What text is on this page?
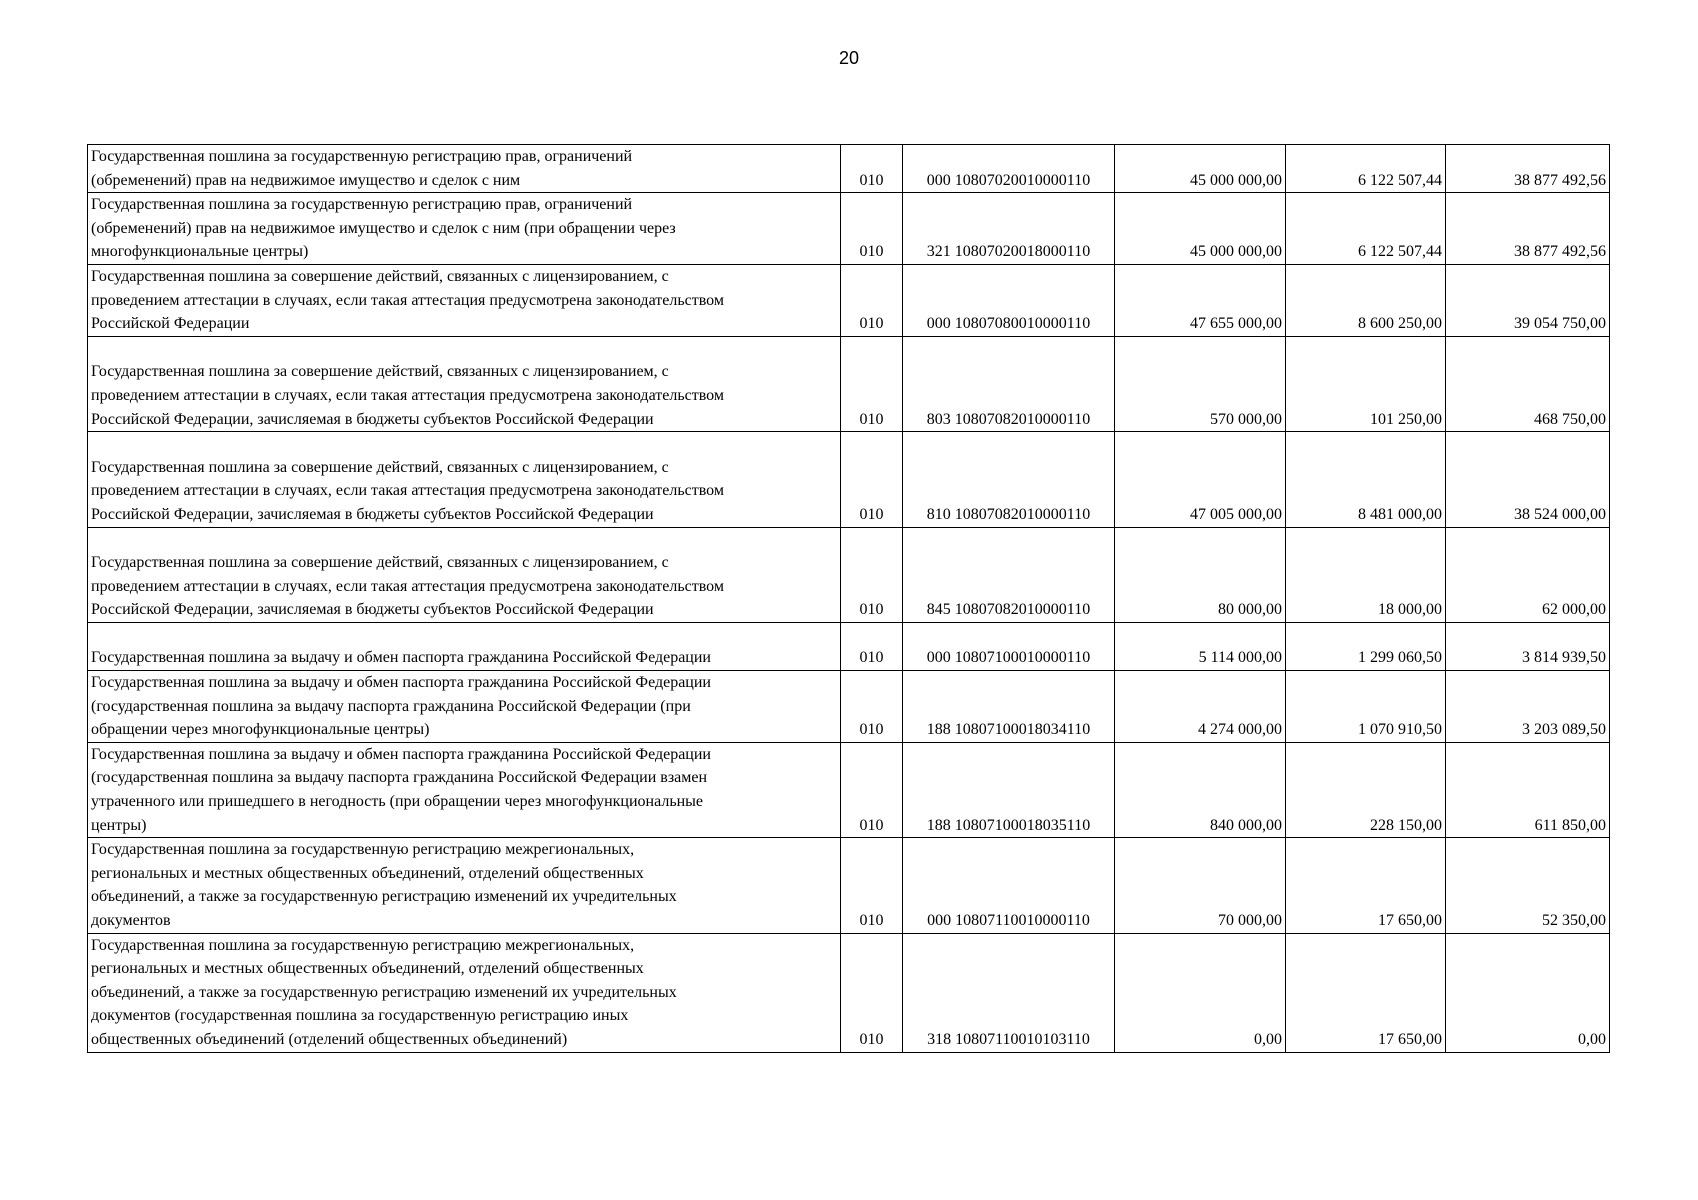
20
Государственная пошлина за государственную регистрацию прав, ограничений
(обременений) прав на недвижимое имущество и сделок с ним	010	000 10807020010000110	45 000 000,00	6 122 507,44	38 877 492,56

Государственная пошлина за государственную регистрацию прав, ограничений
(обременений) прав на недвижимое имущество и сделок с ним (при обращении через
многофункциональные центры)	010	321 10807020018000110	45 000 000,00	6 122 507,44	38 877 492,56

Государственная пошлина за совершение действий, связанных с лицензированием, с
проведением аттестации в случаях, если такая аттестация предусмотрена законодательством
Российской Федерации	010	000 10807080010000110	47 655 000,00	8 600 250,00	39 054 750,00

Государственная пошлина за совершение действий, связанных с лицензированием, с
проведением аттестации в случаях, если такая аттестация предусмотрена законодательством
Российской Федерации, зачисляемая в бюджеты субъектов Российской Федерации	010	803 10807082010000110	570 000,00	101 250,00	468 750,00

Государственная пошлина за совершение действий, связанных с лицензированием, с
проведением аттестации в случаях, если такая аттестация предусмотрена законодательством
Российской Федерации, зачисляемая в бюджеты субъектов Российской Федерации	010	810 10807082010000110	47 005 000,00	8 481 000,00	38 524 000,00

Государственная пошлина за совершение действий, связанных с лицензированием, с
проведением аттестации в случаях, если такая аттестация предусмотрена законодательством
Российской Федерации, зачисляемая в бюджеты субъектов Российской Федерации	010	845 10807082010000110	80 000,00	18 000,00	62 000,00

Государственная пошлина за выдачу и обмен паспорта гражданина Российской Федерации	010	000 10807100010000110	5 114 000,00	1 299 060,50	3 814 939,50

Государственная пошлина за выдачу и обмен паспорта гражданина Российской Федерации
(государственная пошлина за выдачу паспорта гражданина Российской Федерации (при
обращении через многофункциональные центры)	010	188 10807100018034110	4 274 000,00	1 070 910,50	3 203 089,50

Государственная пошлина за выдачу и обмен паспорта гражданина Российской Федерации
(государственная пошлина за выдачу паспорта гражданина Российской Федерации взамен
утраченного или пришедшего в негодность (при обращении через многофункциональные
центры)	010	188 10807100018035110	840 000,00	228 150,00	611 850,00

Государственная пошлина за государственную регистрацию межрегиональных,
региональных и местных общественных объединений, отделений общественных
объединений, а также за государственную регистрацию изменений их учредительных
документов	010	000 10807110010000110	70 000,00	17 650,00	52 350,00

Государственная пошлина за государственную регистрацию межрегиональных,
региональных и местных общественных объединений, отделений общественных
объединений, а также за государственную регистрацию изменений их учредительных
документов (государственная пошлина за государственную регистрацию иных
общественных объединений (отделений общественных объединений)	010	318 10807110010103110	0,00	17 650,00	0,00
